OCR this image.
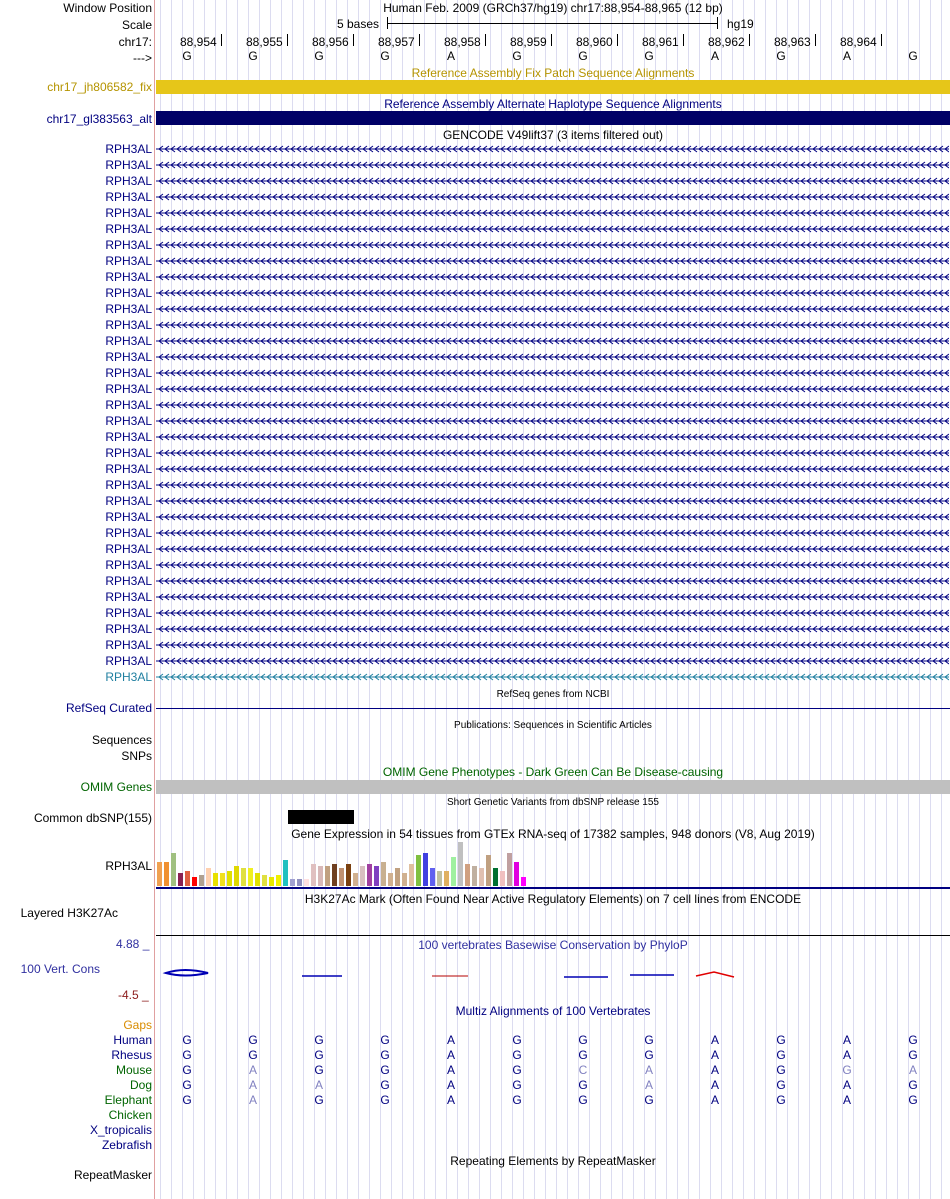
Window Position	Human Feb. 2009 (GRCh37/hg19) chr17:88,954-88,965 (12 bp)
Scale	5 bases	hg19
chr17:
--->
88,954 88,955 88,956 88,957 88,958 88,959 88,960 88,961 88,962 88,963 88,964
G	G	G	G	A	G	G	G	A	G	A	G
Reference Assembly Fix Patch Sequence Alignments
chr17_jh806582_fix
Reference Assembly Alternate Haplotype Sequence Alignments
chr17_gl383563_alt
GENCODE V49lift37 (3 items filtered out)
RPH3AL
RPH3AL
RPH3AL
RPH3AL
RPH3AL
RPH3AL
RPH3AL
RPH3AL
RPH3AL
RPH3AL
RPH3AL
RPH3AL
RPH3AL
RPH3AL
RPH3AL
RPH3AL
RPH3AL
RPH3AL
RPH3AL
RPH3AL
RPH3AL
RPH3AL
RPH3AL
RPH3AL
RPH3AL
RPH3AL
RPH3AL
RPH3AL
RPH3AL
RPH3AL
RPH3AL
RPH3AL
RPH3AL
RPH3AL
RefSeq genes from NCBI
RefSeq Curated
Publications: Sequences in Scientific Articles
Sequences
SNPs
OMIM Gene Phenotypes - Dark Green Can Be Disease-causing
OMIM Genes
Short Genetic Variants from dbSNP release 155
Common dbSNP(155)
Gene Expression in 54 tissues from GTEx RNA-seq of 17382 samples, 948 donors (V8, Aug 2019)
RPH3AL
H3K27Ac Mark (Often Found Near Active Regulatory Elements) on 7 cell lines from ENCODE
Layered H3K27Ac
4.88 _	100 vertebrates Basewise Conservation by PhyloP
100 Vert. Cons
-4.5 _
Multiz Alignments of 100 Vertebrates
Gaps
Human	G	G	G	G	A	G	G	G	A	G	A	G
Rhesus	G	G	G	G	A	G	G	G	A	G	A	G
Mouse	G	A	G	G	A	G	C	A	A	G	G	A
Dog	G	A	A	G	A	G	G	A	A	G	A	G
Elephant	G	A	G	G	A	G	G	G	A	G	A	G
Chicken
X_tropicalis
Zebrafish
Repeating Elements by RepeatMasker
RepeatMasker
